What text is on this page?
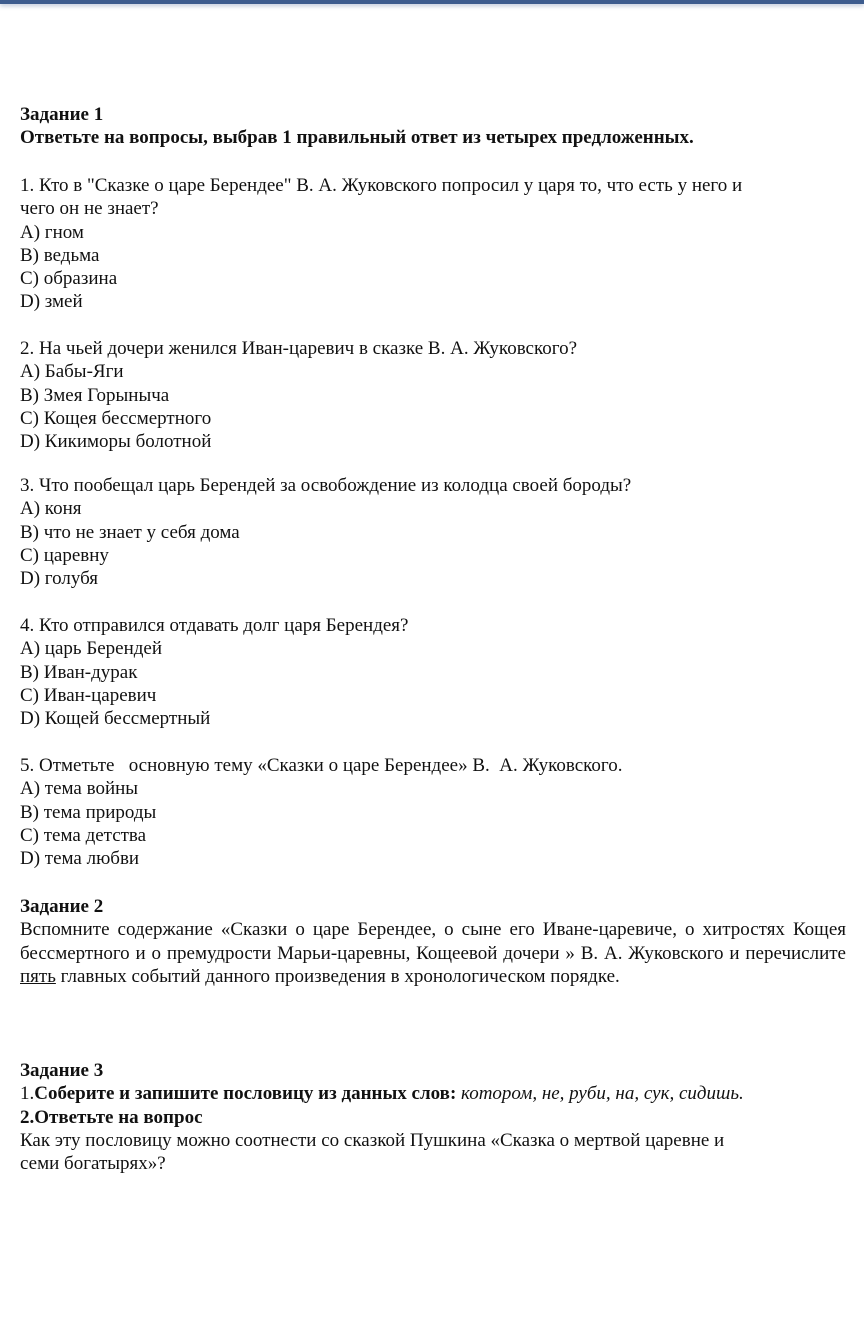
Задание 1
Ответьте на вопросы, выбрав 1 правильный ответ из четырех предложенных.
1. Кто в "Сказке о царе Берендее" В. А. Жуковского попросил у царя то, что есть у него и
чего он не знает?
A) гном
B) ведьма
C) образина
D) змей
2. На чьей дочери женился Иван-царевич в сказке В. А. Жуковского?
A) Бабы-Яги
B) Змея Горыныча
C) Кощея бессмертного
D) Кикиморы болотной
3. Что пообещал царь Берендей за освобождение из колодца своей бороды?
A) коня
B) что не знает у себя дома
C) царевну
D) голубя
4. Кто отправился отдавать долг царя Берендея?
A) царь Берендей
B) Иван-дурак
C) Иван-царевич
D) Кощей бессмертный
5. Отметьте   основную тему «Сказки о царе Берендее» В.  А. Жуковского.
A) тема войны
B) тема природы
C) тема детства
D) тема любви
Задание 2
Вспомните содержание «Сказки о царе Берендее, о сыне его Иване-царевиче, о хитростях Кощея бессмертного и о премудрости Марьи-царевны, Кощеевой дочери » В. А. Жуковского и перечислите пять главных событий данного произведения в хронологическом порядке.
Задание 3
1.Соберите и запишите пословицу из данных слов: котором, не, руби, на, сук, сидишь.
2.Ответьте на вопрос
Как эту пословицу можно соотнести со сказкой Пушкина «Сказка о мертвой царевне и
семи богатырях»?
